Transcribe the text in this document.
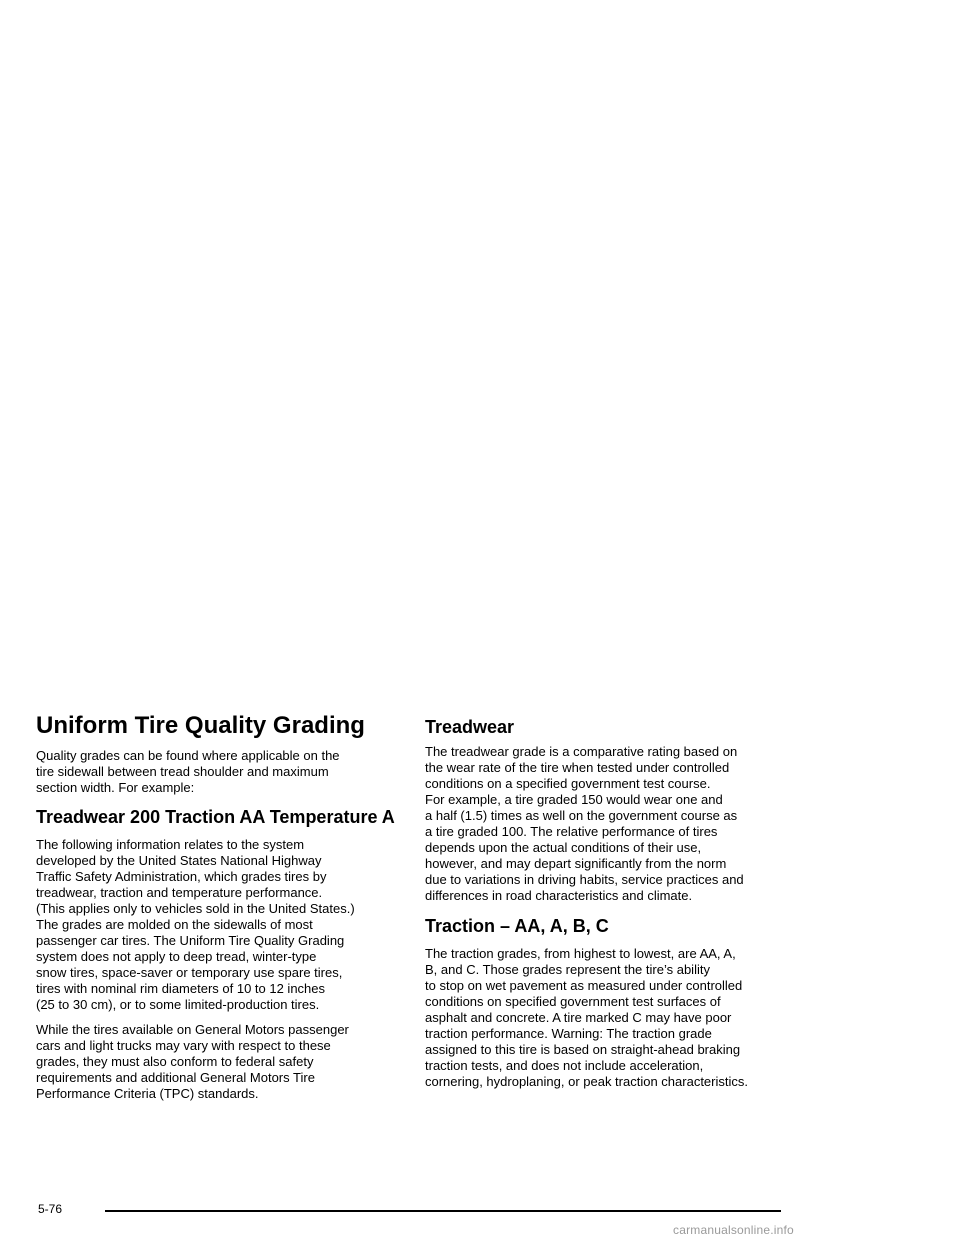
Uniform Tire Quality Grading

Quality grades can be found where applicable on the
tire sidewall between tread shoulder and maximum
section width. For example:

Treadwear 200 Traction AA Temperature A

The following information relates to the system
developed by the United States National Highway
Traffic Safety Administration, which grades tires by
treadwear, traction and temperature performance.
(This applies only to vehicles sold in the United States.)
The grades are molded on the sidewalls of most
passenger car tires. The Uniform Tire Quality Grading
system does not apply to deep tread, winter-type
snow tires, space-saver or temporary use spare tires,
tires with nominal rim diameters of 10 to 12 inches
(25 to 30 cm), or to some limited-production tires.

While the tires available on General Motors passenger
cars and light trucks may vary with respect to these
grades, they must also conform to federal safety
requirements and additional General Motors Tire
Performance Criteria (TPC) standards.

Treadwear

The treadwear grade is a comparative rating based on
the wear rate of the tire when tested under controlled
conditions on a specified government test course.
For example, a tire graded 150 would wear one and
a half (1.5) times as well on the government course as
a tire graded 100. The relative performance of tires
depends upon the actual conditions of their use,
however, and may depart significantly from the norm
due to variations in driving habits, service practices and
differences in road characteristics and climate.

Traction – AA, A, B, C

The traction grades, from highest to lowest, are AA, A,
B, and C. Those grades represent the tire’s ability
to stop on wet pavement as measured under controlled
conditions on specified government test surfaces of
asphalt and concrete. A tire marked C may have poor
traction performance. Warning: The traction grade
assigned to this tire is based on straight-ahead braking
traction tests, and does not include acceleration,
cornering, hydroplaning, or peak traction characteristics.

5-76
carmanualsonline.info
